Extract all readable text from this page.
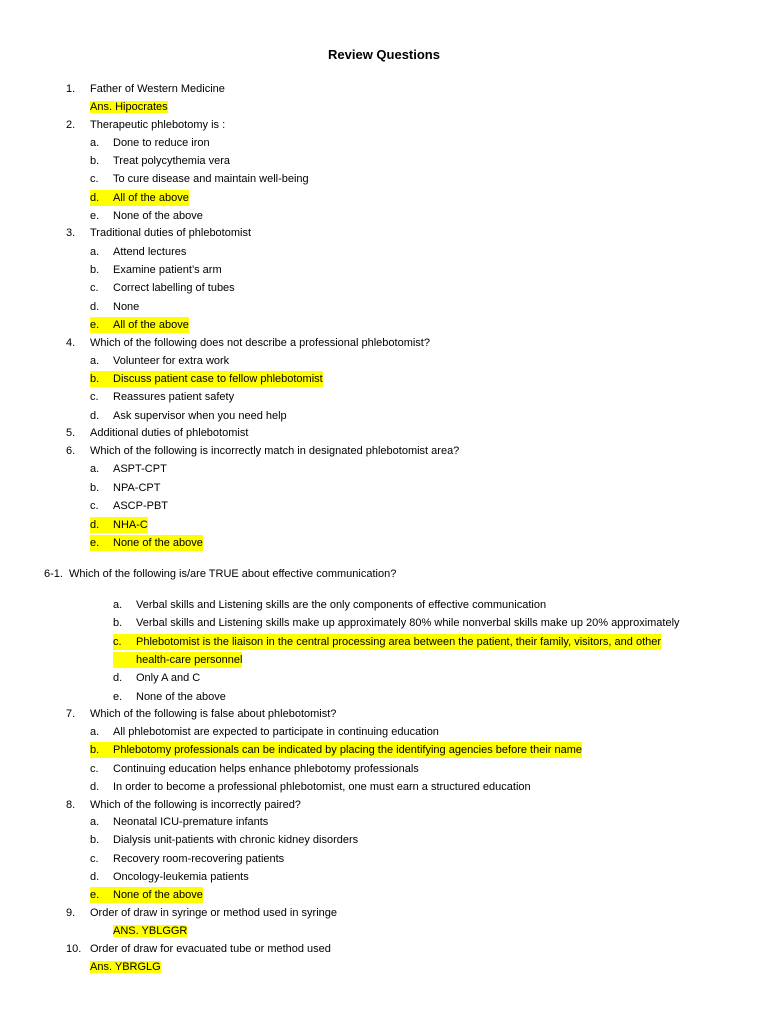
Review Questions
1.	Father of Western Medicine
Ans. Hipocrates
2.	Therapeutic phlebotomy is :
a. Done to reduce iron
b. Treat polycythemia vera
c. To cure disease and maintain well-being
d. All of the above
e. None of the above
3.	Traditional duties of phlebotomist
a. Attend lectures
b. Examine patient’s arm
c. Correct labelling of tubes
d. None
e. All of the above
4.	Which of the following does not describe a professional phlebotomist?
a. Volunteer for extra work
b. Discuss patient case to fellow phlebotomist
c. Reassures patient safety
d. Ask supervisor when you need help
5.	Additional duties of phlebotomist
6.	Which of the following is incorrectly match in designated phlebotomist area?
a. ASPT-CPT
b. NPA-CPT
c. ASCP-PBT
d. NHA-C
e. None of the above
6-1. Which of the following is/are TRUE about effective communication?
a. Verbal skills and Listening skills are the only components of effective communication
b. Verbal skills and Listening skills make up approximately 80% while nonverbal skills make up 20% approximately
c. Phlebotomist is the liaison in the central processing area between the patient, their family, visitors, and other
health-care personnel
d. Only A and C
e. None of the above
7.	Which of the following is false about phlebotomist?
a. All phlebotomist are expected to participate in continuing education
b. Phlebotomy professionals can be indicated by placing the identifying agencies before their name
c. Continuing education helps enhance phlebotomy professionals
d. In order to become a professional phlebotomist, one must earn a structured education
8.	Which of the following is incorrectly paired?
a. Neonatal ICU-premature infants
b. Dialysis unit-patients with chronic kidney disorders
c. Recovery room-recovering patients
d. Oncology-leukemia patients
e. None of the above
9.	Order of draw in syringe or method used in syringe
ANS. YBLGGR
10. Order of draw for evacuated tube or method used
Ans. YBRGLG
